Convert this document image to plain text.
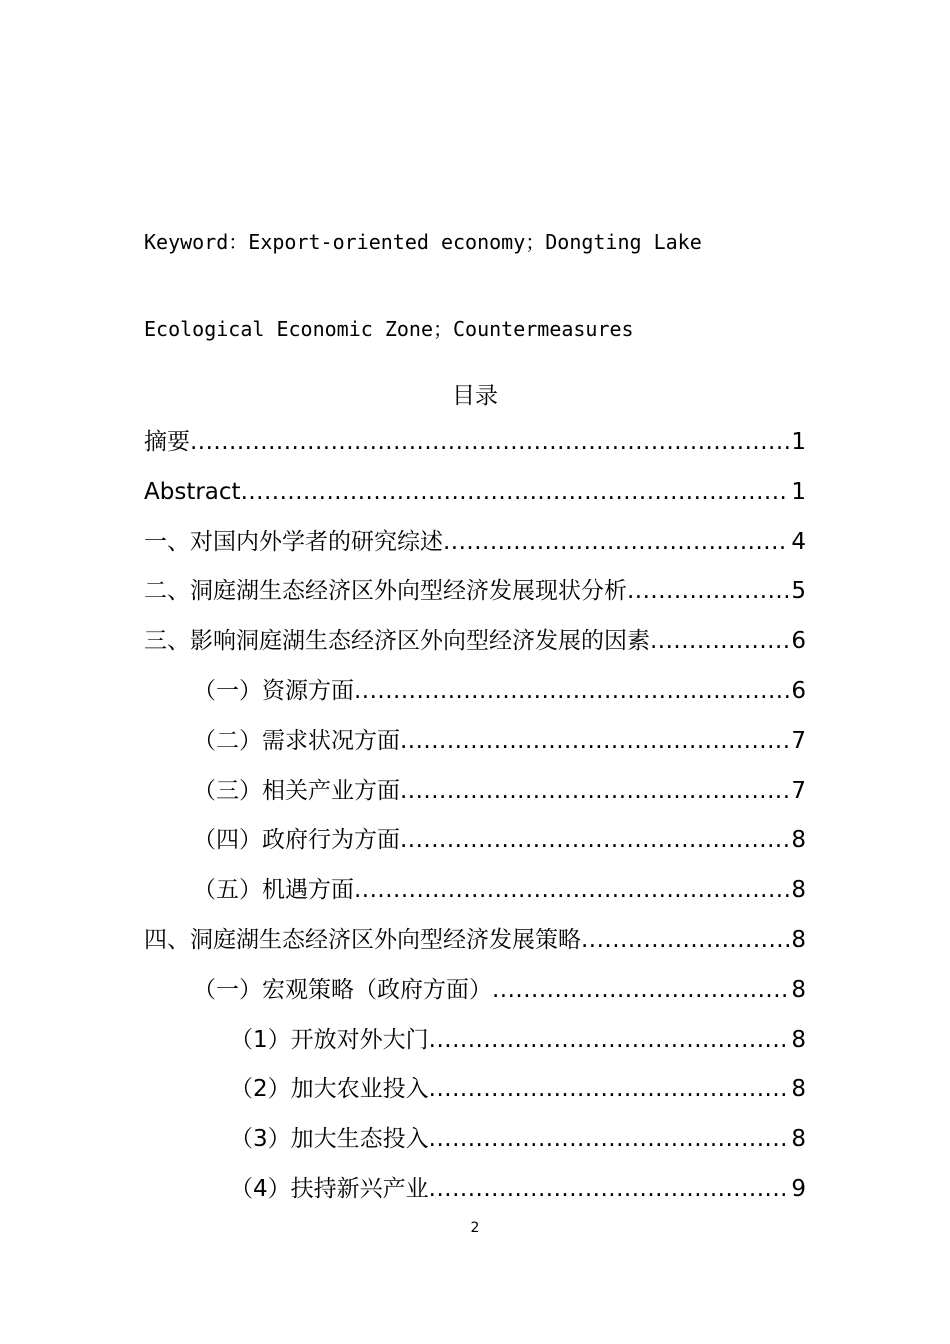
Keyword：Export-oriented economy；Dongting Lake

Ecological Economic Zone；Countermeasures

目录
摘要 .....	1
Abstract .....	1
一、对国内外学者的研究综述 .....	4
二、洞庭湖生态经济区外向型经济发展现状分析 .....	5
三、影响洞庭湖生态经济区外向型经济发展的因素 .....	6
（一）资源方面 .....	6
（二）需求状况方面 .....	7
（三）相关产业方面 .....	7
（四）政府行为方面 .....	8
（五）机遇方面 .....	8
四、洞庭湖生态经济区外向型经济发展策略 .....	8
（一）宏观策略（政府方面） .....	8
（1）开放对外大门 .....	8
（2）加大农业投入 .....	8
（3）加大生态投入 .....	8
（4）扶持新兴产业 .....	9
2
